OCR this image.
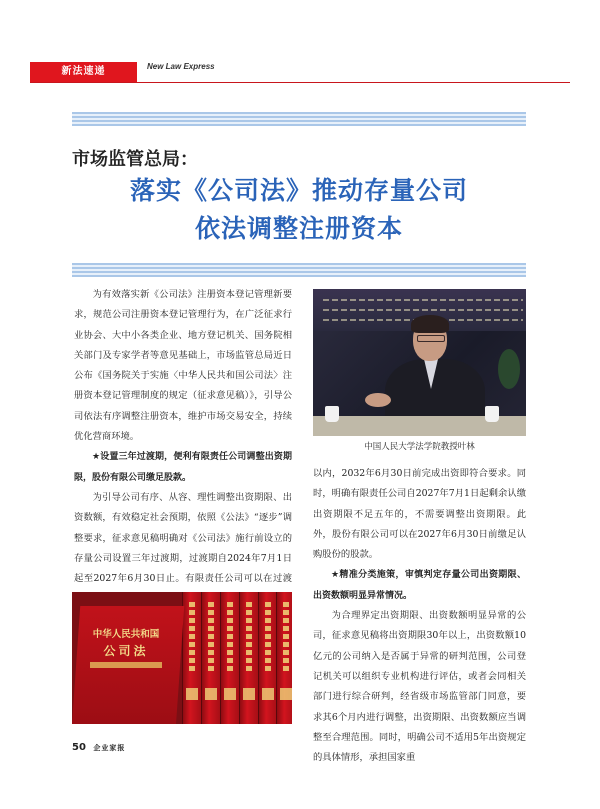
新法速递	New Law Express
市场监管总局：
落实《公司法》推动存量公司
依法调整注册资本

为有效落实新《公司法》注册资本登记管理新要求，规范公司注册资本登记管理行为，在广泛征求行业协会、大中小各类企业、地方登记机关、国务院相关部门及专家学者等意见基础上，市场监管总局近日公布《国务院关于实施〈中华人民共和国公司法〉注册资本登记管理制度的规定（征求意见稿）》，引导公司依法有序调整注册资本，维护市场交易安全，持续优化营商环境。

★设置三年过渡期，便利有限责任公司调整出资期限，股份有限公司缴足股款。

为引导公司有序、从容、理性调整出资期限、出资数额，有效稳定社会预期，依照《公法》“逐步”调整要求，征求意见稿明确对《公司法》施行前设立的存量公司设置三年过渡期，过渡期自2024年7月1日起至2027年6月30日止。有限责任公司可以在过渡

中国人民大学法学院教授叶林

以内，2032年6月30日前完成出资即符合要求。同时，明确有限责任公司自2027年7月1日起剩余认缴出资期限不足五年的，不需要调整出资期限。此外，股份有限公司可以在2027年6月30日前缴足认购股份的股款。

★精准分类施策，审慎判定存量公司出资期限、出资数额明显异常情况。

为合理界定出资期限、出资数额明显异常的公司，征求意见稿将出资期限30年以上，出资数额10亿元的公司纳入是否属于异常的研判范围，公司登记机关可以组织专业机构进行评估，或者会同相关部门进行综合研判，经省级市场监管部门同意，要求其6个月内进行调整，出资期限、出资数额应当调整至合理范围。同时，明确公司不适用5年出资规定的具体情形，承担国家重

中华人民共和国
公司法
50 企业家报
